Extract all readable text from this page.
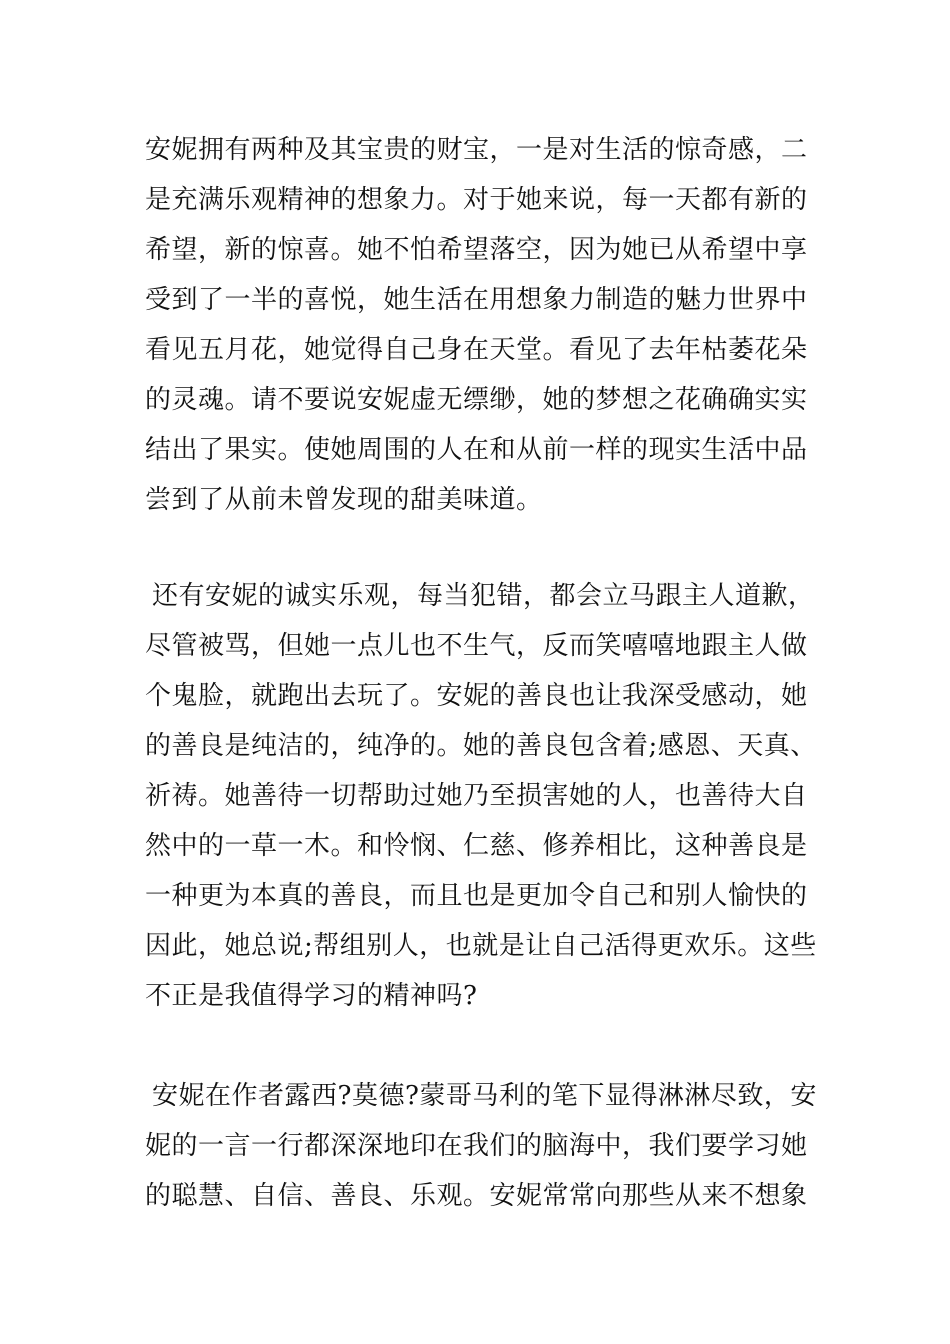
安妮拥有两种及其宝贵的财宝，一是对生活的惊奇感，二
是充满乐观精神的想象力。对于她来说，每一天都有新的
希望，新的惊喜。她不怕希望落空，因为她已从希望中享
受到了一半的喜悦，她生活在用想象力制造的魅力世界中
看见五月花，她觉得自己身在天堂。看见了去年枯萎花朵
的灵魂。请不要说安妮虚无缥缈，她的梦想之花确确实实
结出了果实。使她周围的人在和从前一样的现实生活中品
尝到了从前未曾发现的甜美味道。
还有安妮的诚实乐观，每当犯错，都会立马跟主人道歉，
尽管被骂，但她一点儿也不生气，反而笑嘻嘻地跟主人做
个鬼脸，就跑出去玩了。安妮的善良也让我深受感动，她
的善良是纯洁的，纯净的。她的善良包含着;感恩、天真、
祈祷。她善待一切帮助过她乃至损害她的人，也善待大自
然中的一草一木。和怜悯、仁慈、修养相比，这种善良是
一种更为本真的善良，而且也是更加令自己和别人愉快的
因此，她总说;帮组别人，也就是让自己活得更欢乐。这些
不正是我值得学习的精神吗?
安妮在作者露西?莫德?蒙哥马利的笔下显得淋淋尽致，安
妮的一言一行都深深地印在我们的脑海中，我们要学习她
的聪慧、自信、善良、乐观。安妮常常向那些从来不想象
